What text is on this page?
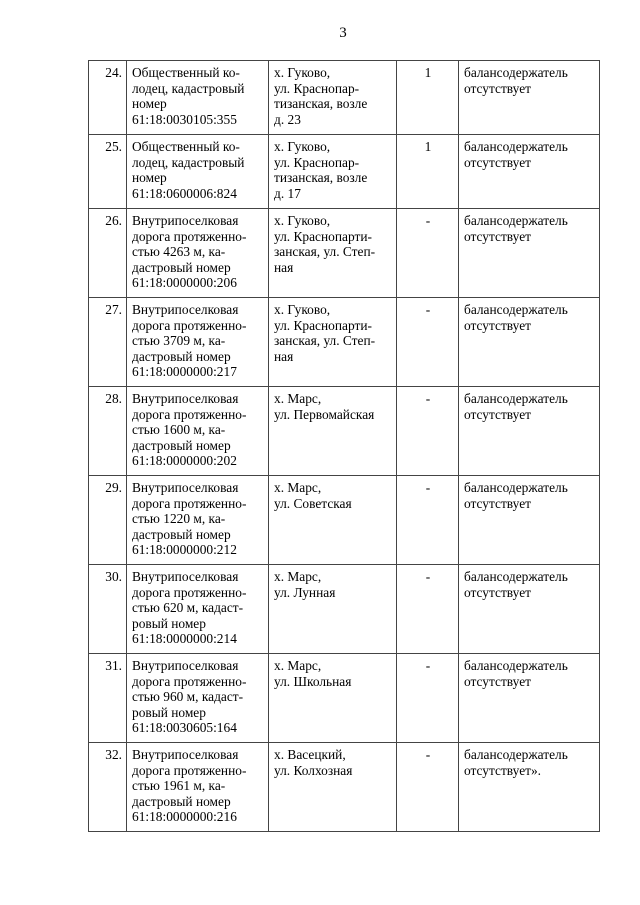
3
24.	Общественный ко-
лодец, кадастровый
номер
61:18:0030105:355	х. Гуково,
ул. Краснопар-
тизанская, возле
д. 23	1	балансодержатель
отсутствует
25.	Общественный ко-
лодец, кадастровый
номер
61:18:0600006:824	х. Гуково,
ул. Краснопар-
тизанская, возле
д. 17	1	балансодержатель
отсутствует
26.	Внутрипоселковая
дорога протяженно-
стью 4263 м, ка-
дастровый номер
61:18:0000000:206	х. Гуково,
ул. Краснoпарти-
занская, ул. Степ-
ная	-	балансодержатель
отсутствует
27.	Внутрипоселковая
дорога протяженно-
стью 3709 м, ка-
дастровый номер
61:18:0000000:217	х. Гуково,
ул. Краснопарти-
занская, ул. Степ-
ная	-	балансодержатель
отсутствует
28.	Внутрипоселковая
дорога протяженно-
стью 1600 м, ка-
дастровый номер
61:18:0000000:202	х. Марс,
ул. Первомайская	-	балансодержатель
отсутствует
29.	Внутрипоселковая
дорога протяженно-
стью 1220 м, ка-
дастровый номер
61:18:0000000:212	х. Марс,
ул. Советская	-	балансодержатель
отсутствует
30.	Внутрипоселковая
дорога протяженно-
стью 620 м, кадаст-
ровый номер
61:18:0000000:214	х. Марс,
ул. Лунная	-	балансодержатель
отсутствует
31.	Внутрипоселковая
дорога протяженно-
стью 960 м, кадаст-
ровый номер
61:18:0030605:164	х. Марс,
ул. Школьная	-	балансодержатель
отсутствует
32.	Внутрипоселковая
дорога протяженно-
стью 1961 м, ка-
дастровый номер
61:18:0000000:216	х. Васецкий,
ул. Колхозная	-	балансодержатель
отсутствует».
